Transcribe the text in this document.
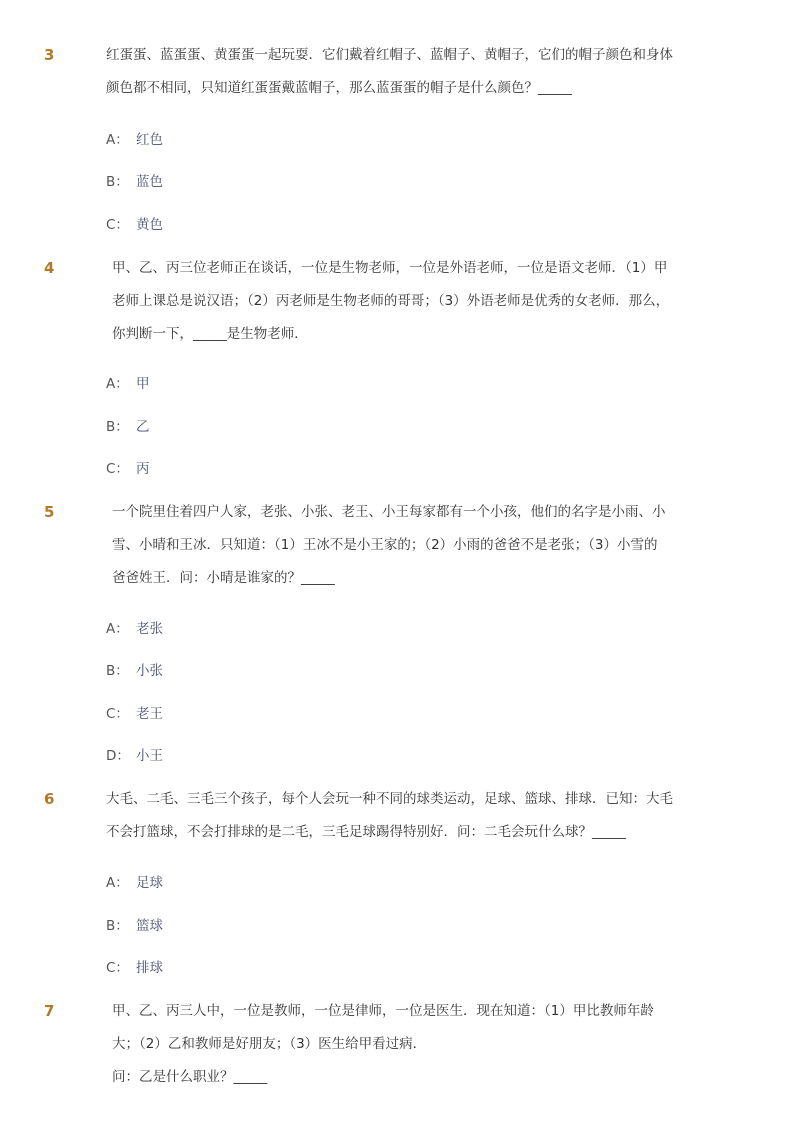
3	红蛋蛋、蓝蛋蛋、黄蛋蛋一起玩耍．它们戴着红帽子、蓝帽子、黄帽子，它们的帽子颜色和身体
颜色都不相同，只知道红蛋蛋戴蓝帽子，那么蓝蛋蛋的帽子是什么颜色？_____
A： 红色
B： 蓝色
C： 黄色
4	甲、乙、丙三位老师正在谈话，一位是生物老师，一位是外语老师，一位是语文老师．（1）甲
老师上课总是说汉语；（2）丙老师是生物老师的哥哥；（3）外语老师是优秀的女老师．那么，
你判断一下，_____是生物老师．
A： 甲
B： 乙
C： 丙
5	一个院里住着四户人家，老张、小张、老王、小王每家都有一个小孩，他们的名字是小雨、小
雪、小晴和王冰．只知道：（1）王冰不是小王家的；（2）小雨的爸爸不是老张；（3）小雪的
爸爸姓王．问：小晴是谁家的？_____
A： 老张
B： 小张
C： 老王
D： 小王
6	大毛、二毛、三毛三个孩子，每个人会玩一种不同的球类运动，足球、篮球、排球．已知：大毛
不会打篮球，不会打排球的是二毛，三毛足球踢得特别好．问：二毛会玩什么球？_____
A： 足球
B： 篮球
C： 排球
7	甲、乙、丙三人中，一位是教师，一位是律师，一位是医生．现在知道：（1）甲比教师年龄
大；（2）乙和教师是好朋友；（3）医生给甲看过病．
问：乙是什么职业？_____
